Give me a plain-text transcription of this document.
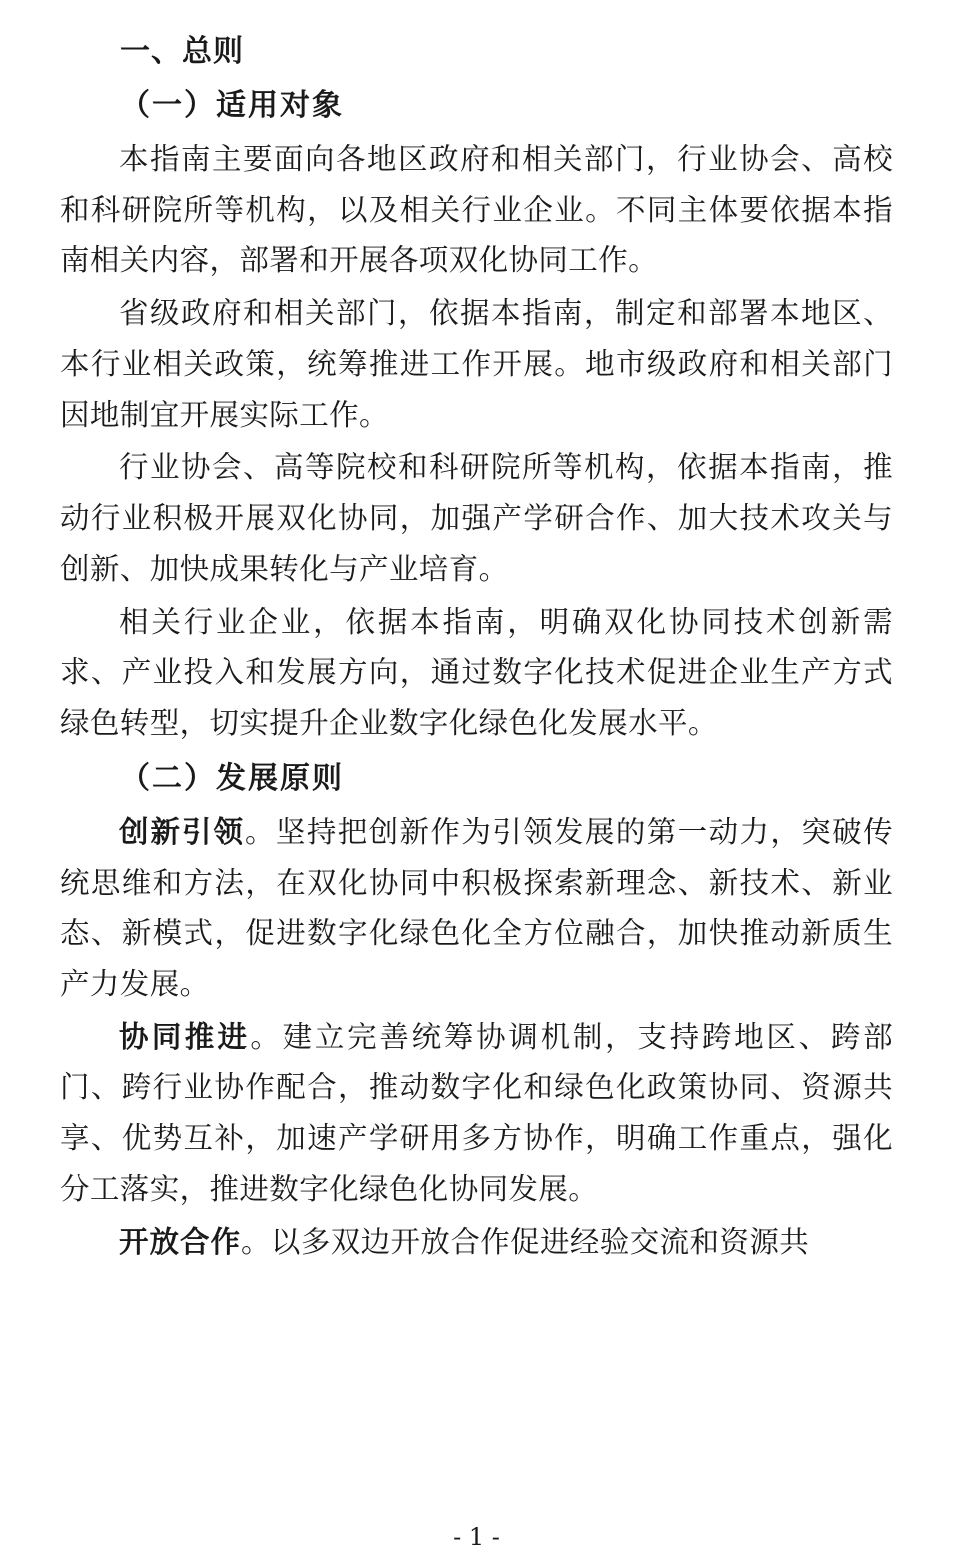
一、总则
（一）适用对象

本指南主要面向各地区政府和相关部门，行业协会、高校和科研院所等机构，以及相关行业企业。不同主体要依据本指南相关内容，部署和开展各项双化协同工作。

省级政府和相关部门，依据本指南，制定和部署本地区、本行业相关政策，统筹推进工作开展。地市级政府和相关部门因地制宜开展实际工作。

行业协会、高等院校和科研院所等机构，依据本指南，推动行业积极开展双化协同，加强产学研合作、加大技术攻关与创新、加快成果转化与产业培育。

相关行业企业，依据本指南，明确双化协同技术创新需求、产业投入和发展方向，通过数字化技术促进企业生产方式绿色转型，切实提升企业数字化绿色化发展水平。

（二）发展原则

创新引领。坚持把创新作为引领发展的第一动力，突破传统思维和方法，在双化协同中积极探索新理念、新技术、新业态、新模式，促进数字化绿色化全方位融合，加快推动新质生产力发展。

协同推进。建立完善统筹协调机制，支持跨地区、跨部门、跨行业协作配合，推动数字化和绿色化政策协同、资源共享、优势互补，加速产学研用多方协作，明确工作重点，强化分工落实，推进数字化绿色化协同发展。

开放合作。以多双边开放合作促进经验交流和资源共

- 1 -
